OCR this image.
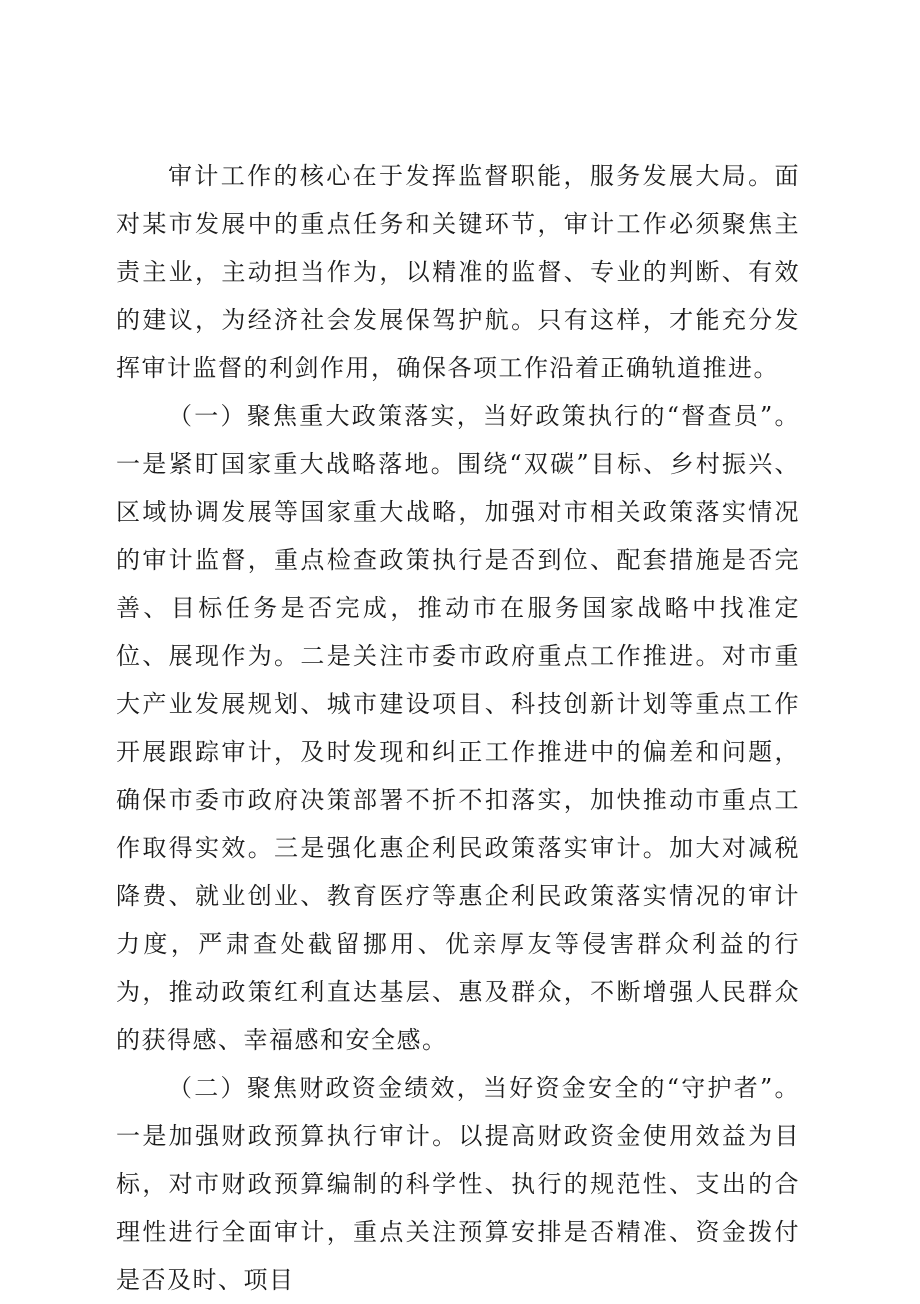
审计工作的核心在于发挥监督职能，服务发展大局。面对某市发展中的重点任务和关键环节，审计工作必须聚焦主责主业，主动担当作为，以精准的监督、专业的判断、有效的建议，为经济社会发展保驾护航。只有这样，才能充分发挥审计监督的利剑作用，确保各项工作沿着正确轨道推进。

（一）聚焦重大政策落实，当好政策执行的“督查员”。一是紧盯国家重大战略落地。围绕“双碳”目标、乡村振兴、区域协调发展等国家重大战略，加强对市相关政策落实情况的审计监督，重点检查政策执行是否到位、配套措施是否完善、目标任务是否完成，推动市在服务国家战略中找准定位、展现作为。二是关注市委市政府重点工作推进。对市重大产业发展规划、城市建设项目、科技创新计划等重点工作开展跟踪审计，及时发现和纠正工作推进中的偏差和问题，确保市委市政府决策部署不折不扣落实，加快推动市重点工作取得实效。三是强化惠企利民政策落实审计。加大对减税降费、就业创业、教育医疗等惠企利民政策落实情况的审计力度，严肃查处截留挪用、优亲厚友等侵害群众利益的行为，推动政策红利直达基层、惠及群众，不断增强人民群众的获得感、幸福感和安全感。

（二）聚焦财政资金绩效，当好资金安全的“守护者”。一是加强财政预算执行审计。以提高财政资金使用效益为目标，对市财政预算编制的科学性、执行的规范性、支出的合理性进行全面审计，重点关注预算安排是否精准、资金拨付是否及时、项目
